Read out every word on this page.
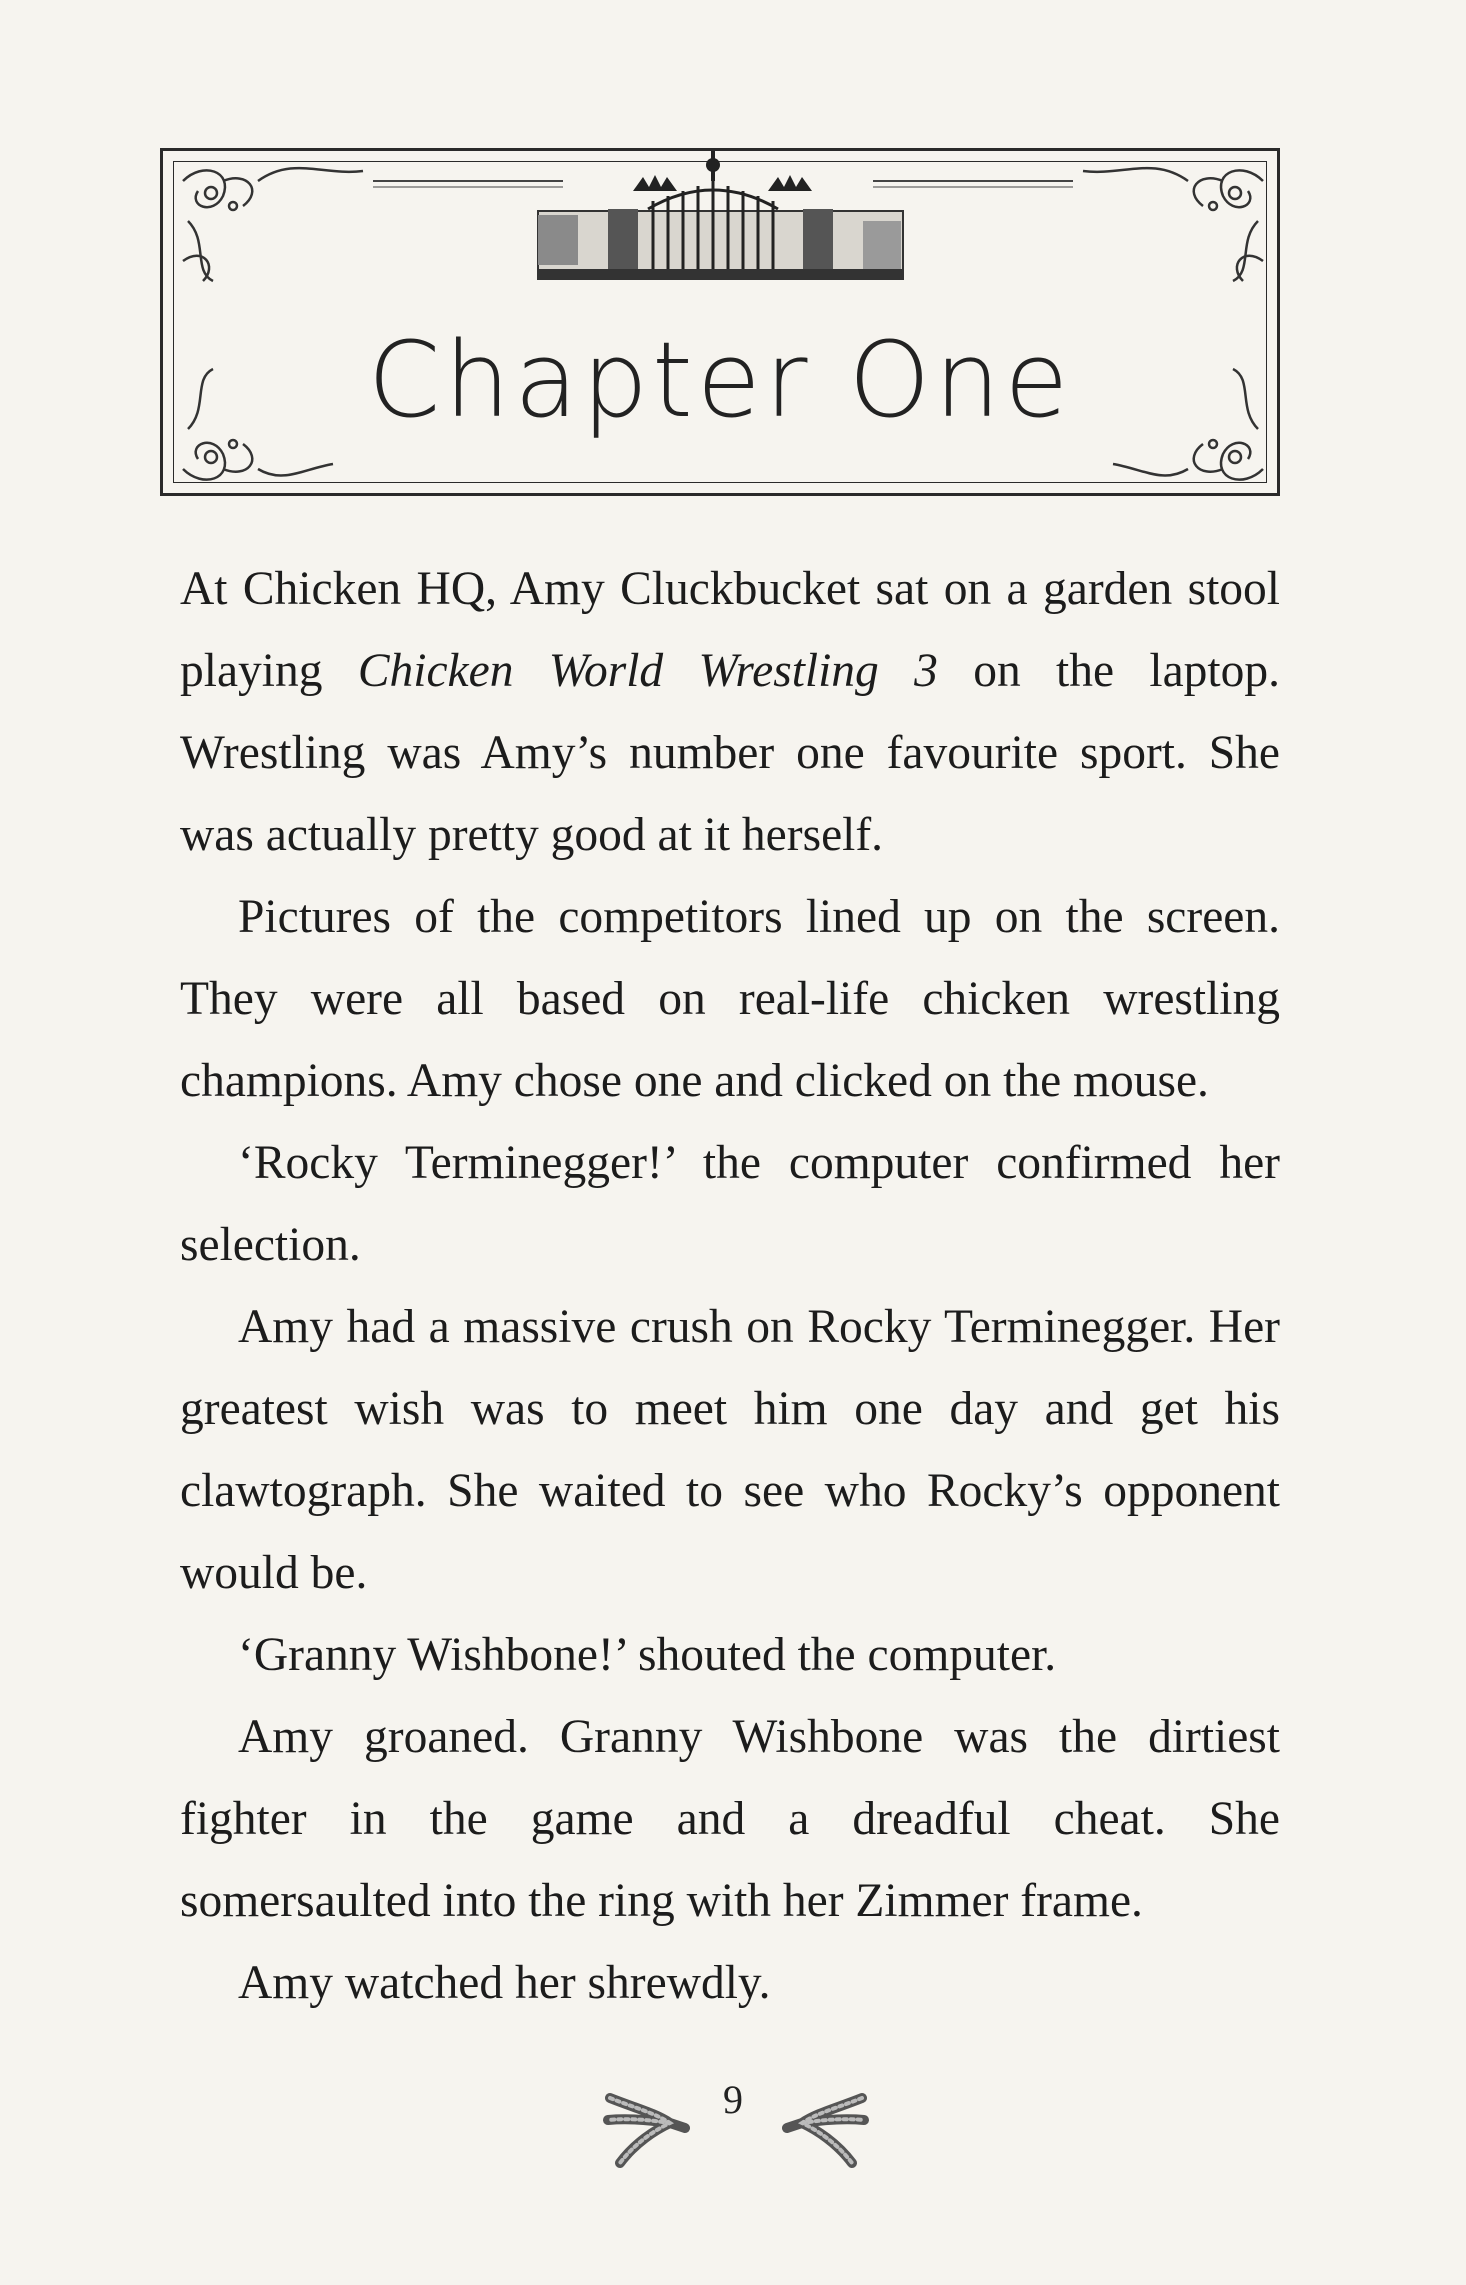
Chapter One

At Chicken HQ, Amy Cluckbucket sat on a garden stool playing Chicken World Wrestling 3 on the laptop. Wrestling was Amy’s number one favourite sport. She was actually pretty good at it herself.

Pictures of the competitors lined up on the screen. They were all based on real-life chicken wrestling champions. Amy chose one and clicked on the mouse.

‘Rocky Terminegger!’ the computer confirmed her selection.

Amy had a massive crush on Rocky Terminegger. Her greatest wish was to meet him one day and get his clawtograph. She waited to see who Rocky’s opponent would be.

‘Granny Wishbone!’ shouted the computer.

Amy groaned. Granny Wishbone was the dirtiest fighter in the game and a dreadful cheat. She somersaulted into the ring with her Zimmer frame.

Amy watched her shrewdly.

9
